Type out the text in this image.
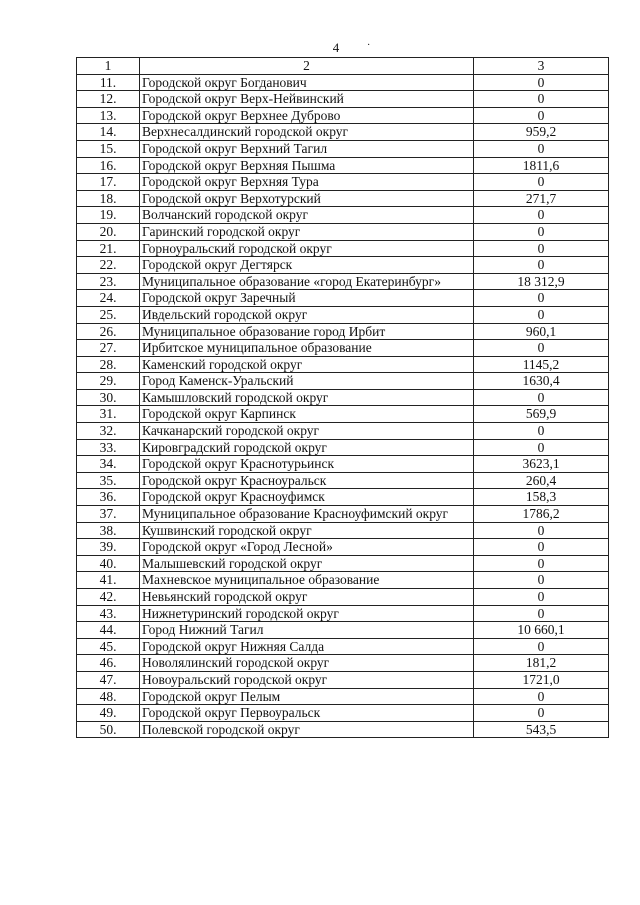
4	·
1	2	3
11.	Городской округ Богданович	0
12.	Городской округ Верх-Нейвинский	0
13.	Городской округ Верхнее Дуброво	0
14.	Верхнесалдинский городской округ	959,2
15.	Городской округ Верхний Тагил	0
16.	Городской округ Верхняя Пышма	1811,6
17.	Городской округ Верхняя Тура	0
18.	Городской округ Верхотурский	271,7
19.	Волчанский городской округ	0
20.	Гаринский городской округ	0
21.	Горноуральский городской округ	0
22.	Городской округ Дегтярск	0
23.	Муниципальное образование «город Екатеринбург»	18 312,9
24.	Городской округ Заречный	0
25.	Ивдельский городской округ	0
26.	Муниципальное образование город Ирбит	960,1
27.	Ирбитское муниципальное образование	0
28.	Каменский городской округ	1145,2
29.	Город Каменск-Уральский	1630,4
30.	Камышловский городской округ	0
31.	Городской округ Карпинск	569,9
32.	Качканарский городской округ	0
33.	Кировградский городской округ	0
34.	Городской округ Краснотурьинск	3623,1
35.	Городской округ Красноуральск	260,4
36.	Городской округ Красноуфимск	158,3
37.	Муниципальное образование Красноуфимский округ	1786,2
38.	Кушвинский городской округ	0
39.	Городской округ «Город Лесной»	0
40.	Малышевский городской округ	0
41.	Махневское муниципальное образование	0
42.	Невьянский городской округ	0
43.	Нижнетуринский городской округ	0
44.	Город Нижний Тагил	10 660,1
45.	Городской округ Нижняя Салда	0
46.	Новолялинский городской округ	181,2
47.	Новоуральский городской округ	1721,0
48.	Городской округ Пелым	0
49.	Городской округ Первоуральск	0
50.	Полевской городской округ	543,5
